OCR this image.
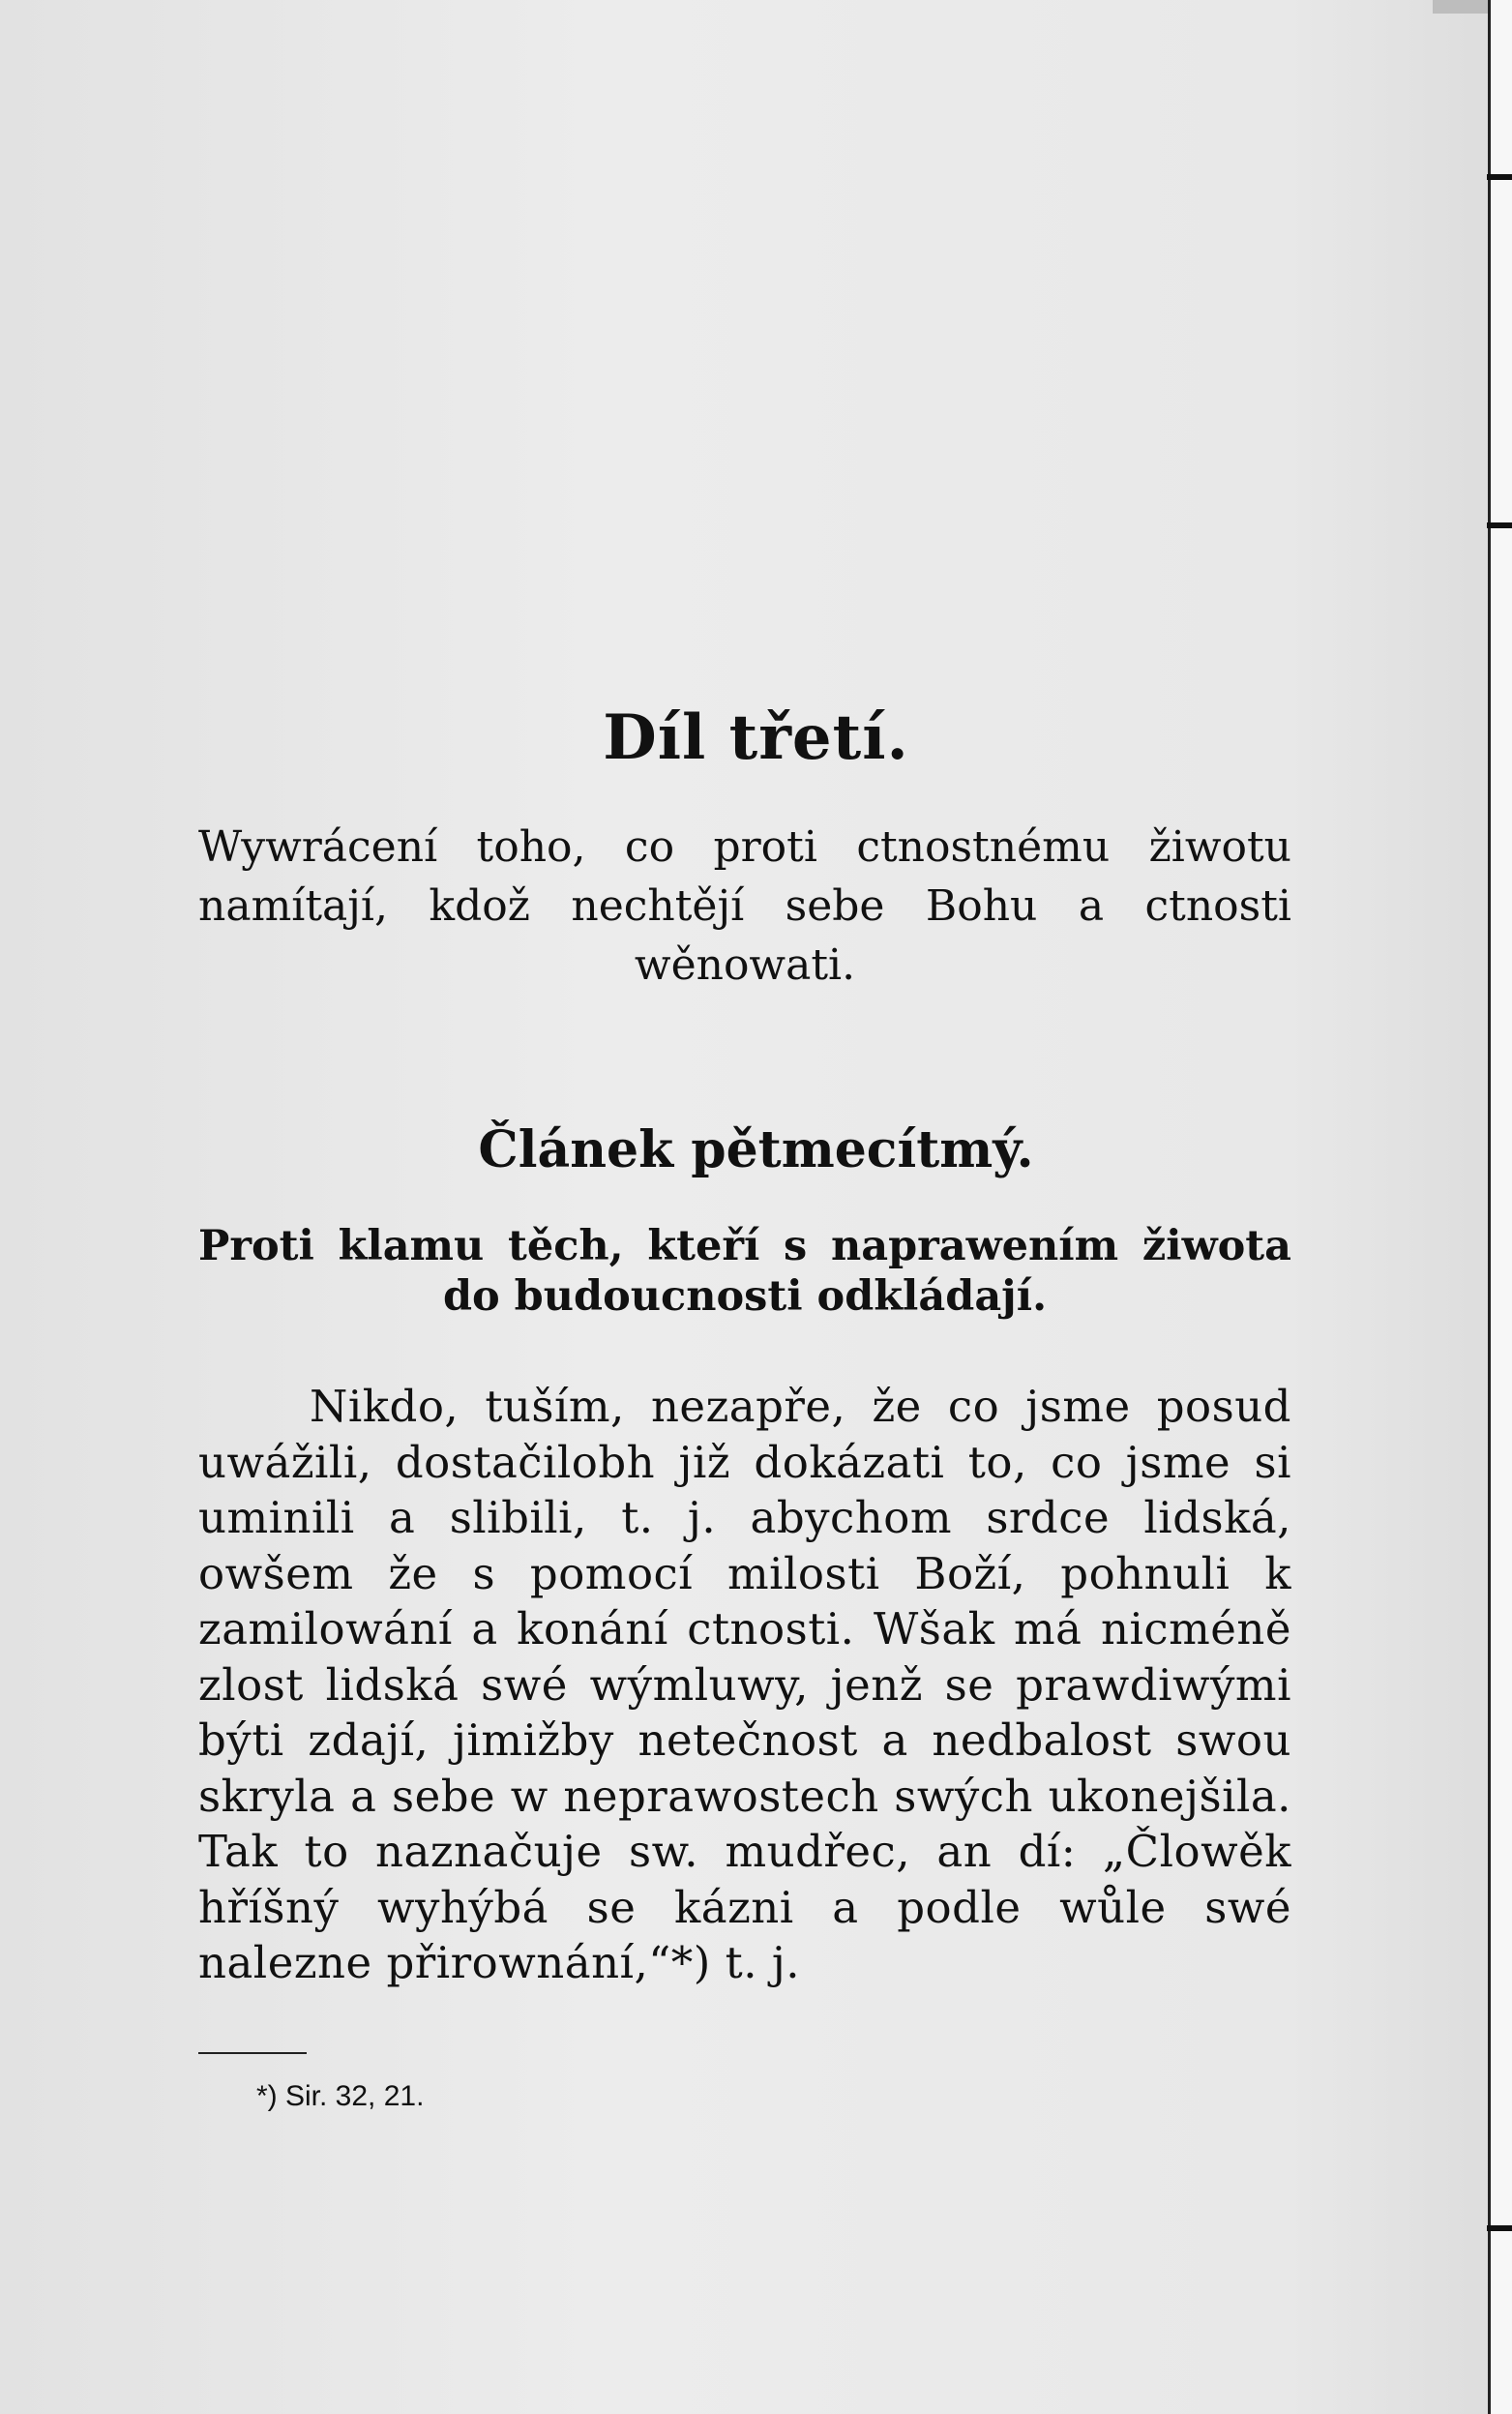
Díl třetí.
Wywrácení toho, co proti ctnostnému žiwotu namítají, kdož nechtějí sebe Bohu a ctnosti wěnowati.
Článek pětmecítmý.
Proti klamu těch, kteří s naprawením žiwota do budoucnosti odkládají.
Nikdo, tuším, nezapře, že co jsme posud uwážili, dostačilobh již dokázati to, co jsme si uminili a slibili, t. j. abychom srdce lidská, owšem že s pomocí milosti Boží, pohnuli k zamilowání a konání ctnosti. Wšak má nicméně zlost lidská swé wýmluwy, jenž se prawdiwými býti zdají, jimižby netečnost a nedbalost swou skryla a sebe w neprawostech swých ukonejšila. Tak to naznačuje sw. mudřec, an dí: „Člowěk hříšný wyhýbá se kázni a podle wůle swé nalezne přirownání,“*) t. j.
*) Sir. 32, 21.
